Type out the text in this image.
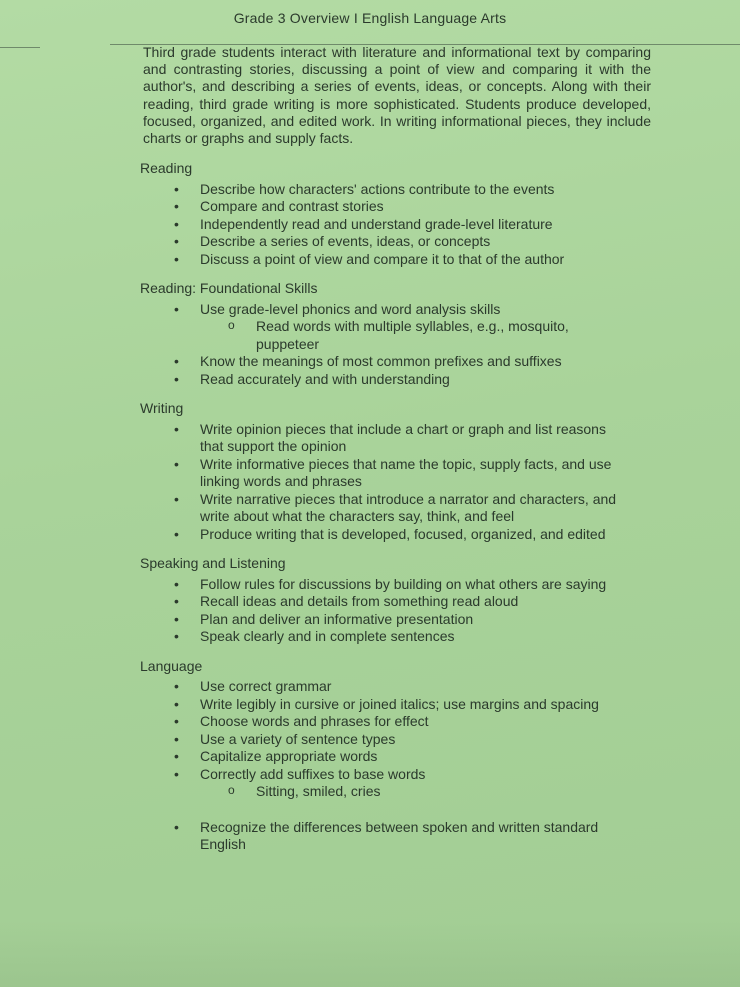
Grade 3 Overview I English Language Arts

Third grade students interact with literature and informational text by comparing and contrasting stories, discussing a point of view and comparing it with the author's, and describing a series of events, ideas, or concepts. Along with their reading, third grade writing is more sophisticated. Students produce developed, focused, organized, and edited work. In writing informational pieces, they include charts or graphs and supply facts.

Reading
• Describe how characters' actions contribute to the events
• Compare and contrast stories
• Independently read and understand grade-level literature
• Describe a series of events, ideas, or concepts
• Discuss a point of view and compare it to that of the author
Reading: Foundational Skills
• Use grade-level phonics and word analysis skills
o Read words with multiple syllables, e.g., mosquito, puppeteer
• Know the meanings of most common prefixes and suffixes
• Read accurately and with understanding
Writing
• Write opinion pieces that include a chart or graph and list reasons that support the opinion
• Write informative pieces that name the topic, supply facts, and use linking words and phrases
• Write narrative pieces that introduce a narrator and characters, and write about what the characters say, think, and feel
• Produce writing that is developed, focused, organized, and edited
Speaking and Listening
• Follow rules for discussions by building on what others are saying
• Recall ideas and details from something read aloud
• Plan and deliver an informative presentation
• Speak clearly and in complete sentences
Language
• Use correct grammar
• Write legibly in cursive or joined italics; use margins and spacing
• Choose words and phrases for effect
• Use a variety of sentence types
• Capitalize appropriate words
• Correctly add suffixes to base words
o Sitting, smiled, cries
• Recognize the differences between spoken and written standard English
